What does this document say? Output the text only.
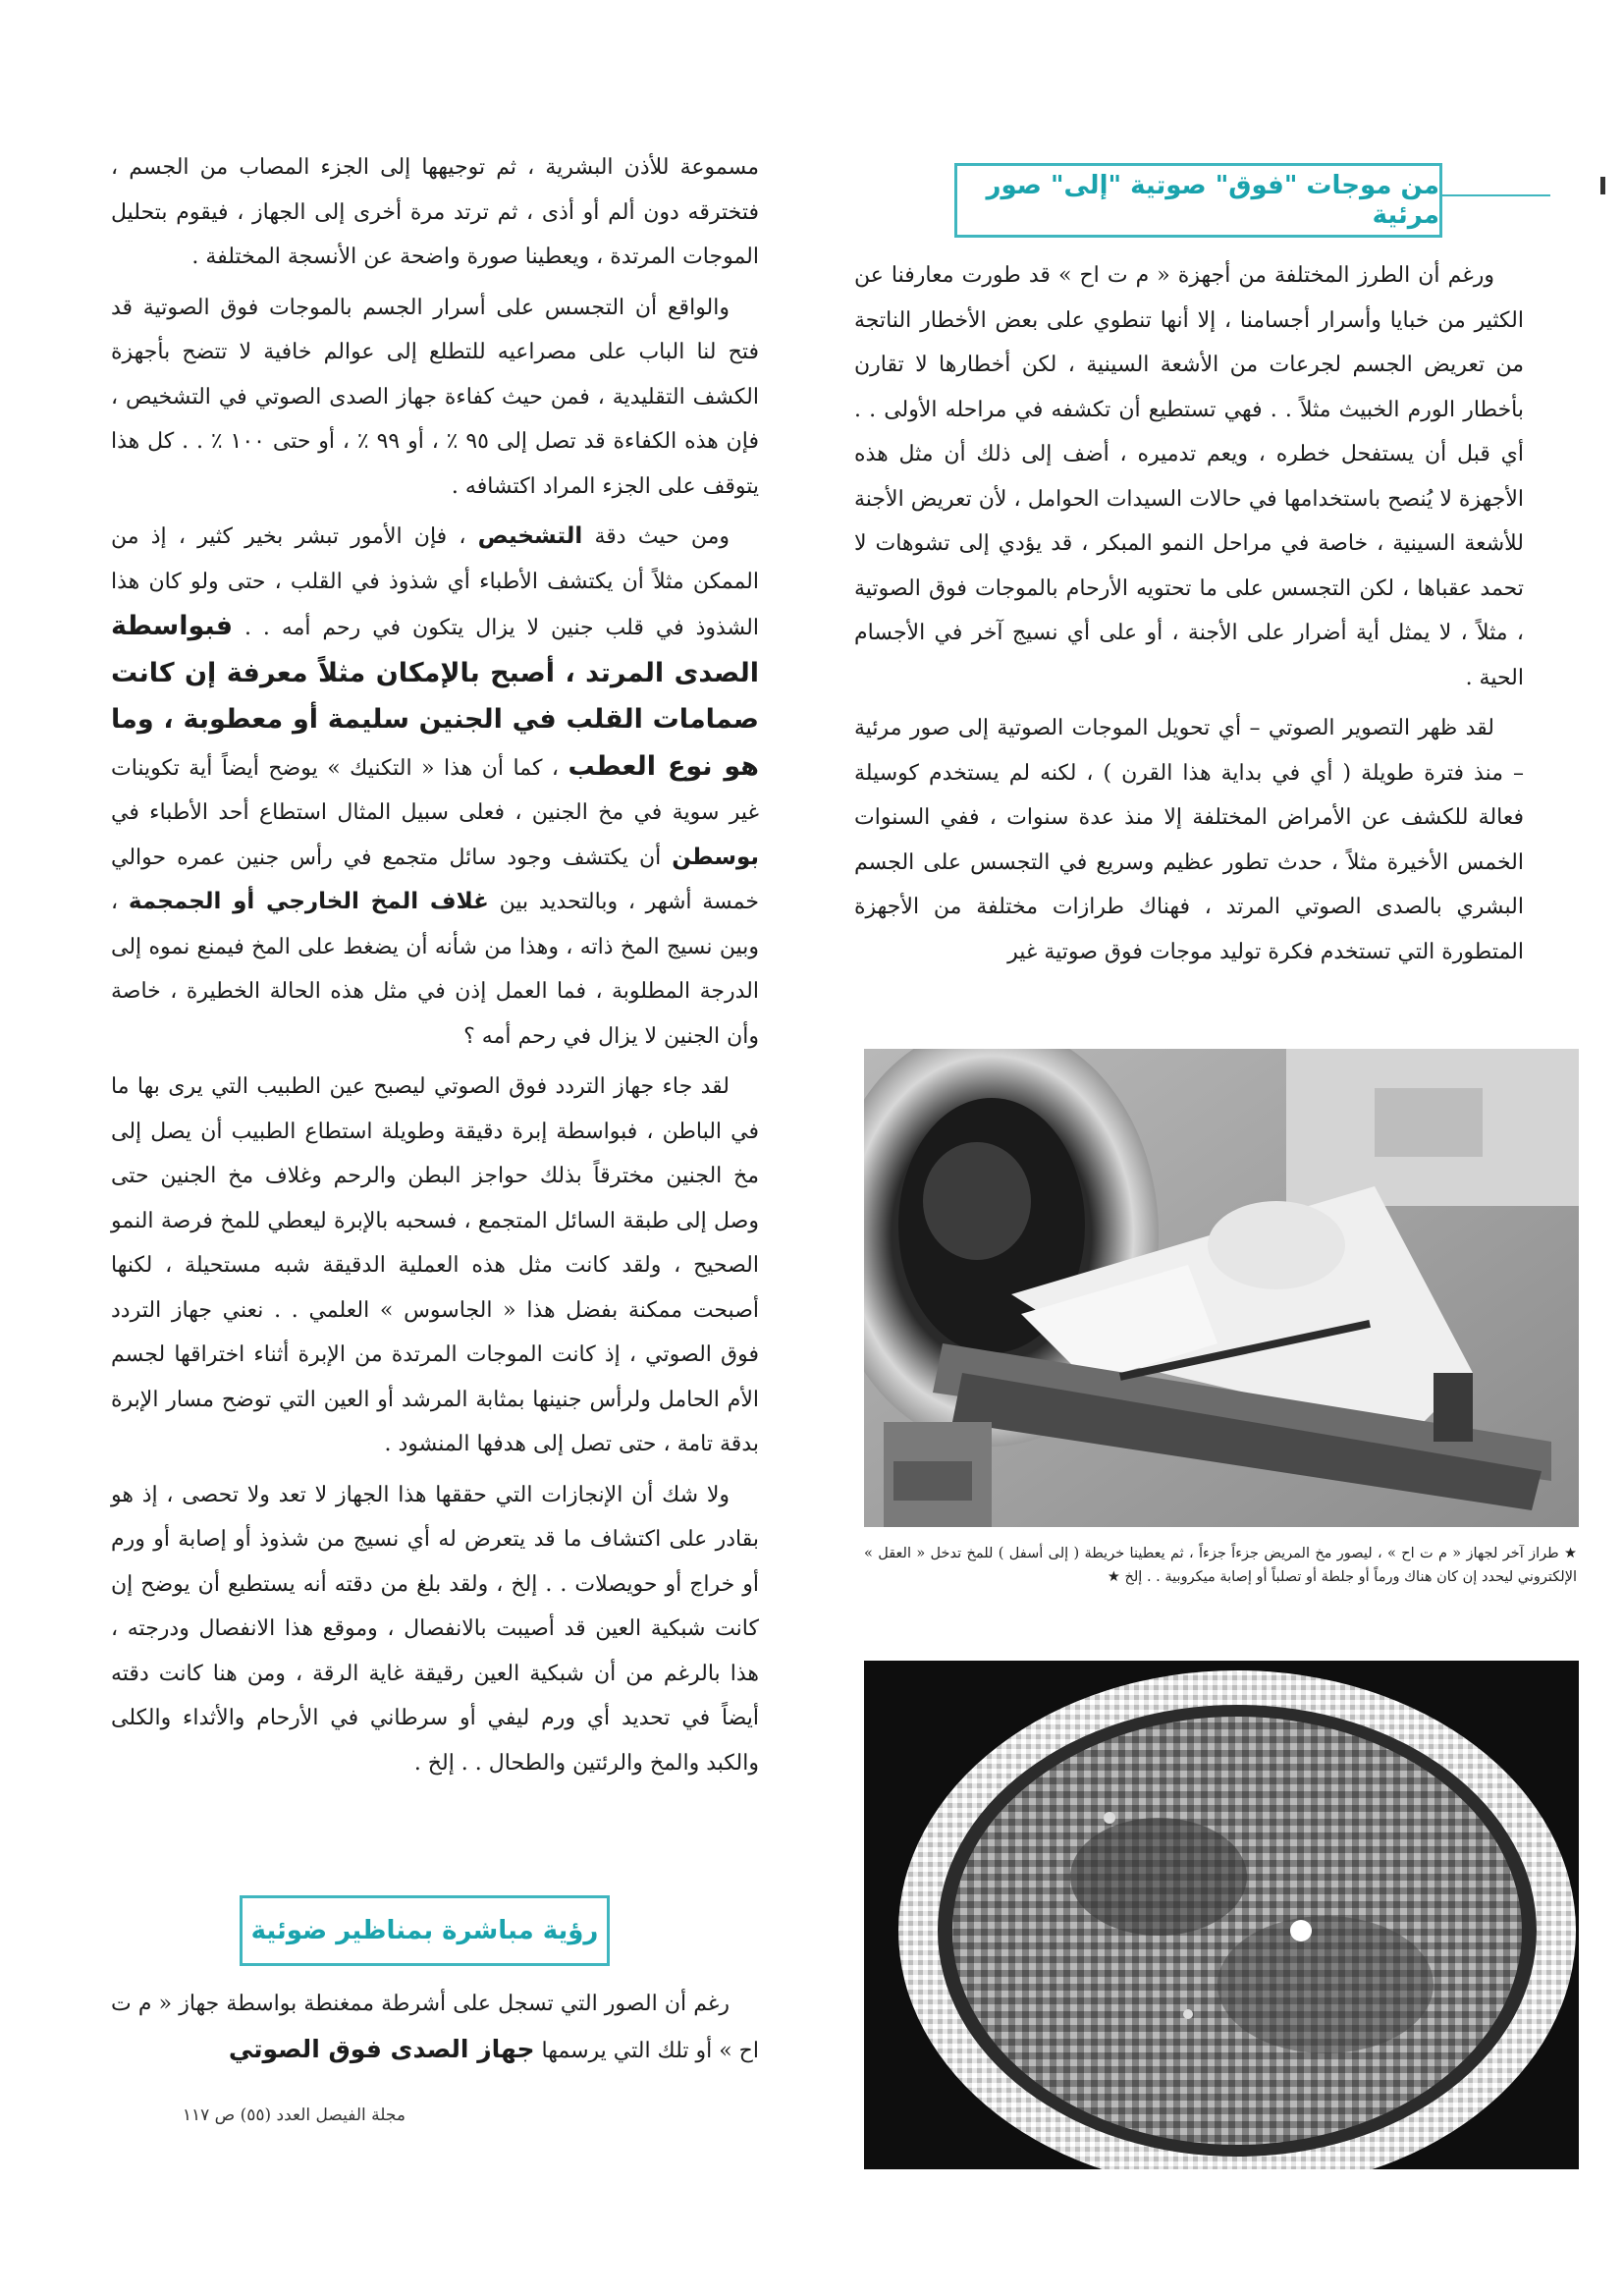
من موجات "فوق" صوتية "إلى" صور مرئية

ورغم أن الطرز المختلفة من أجهزة « م ت اح » قد طورت معارفنا عن الكثير من خبايا وأسرار أجسامنا ، إلا أنها تنطوي على بعض الأخطار الناتجة من تعريض الجسم لجرعات من الأشعة السينية ، لكن أخطارها لا تقارن بأخطار الورم الخبيث مثلاً . . فهي تستطيع أن تكشفه في مراحله الأولى . . أي قبل أن يستفحل خطره ، ويعم تدميره ، أضف إلى ذلك أن مثل هذه الأجهزة لا يُنصح باستخدامها في حالات السيدات الحوامل ، لأن تعريض الأجنة للأشعة السينية ، خاصة في مراحل النمو المبكر ، قد يؤدي إلى تشوهات لا تحمد عقباها ، لكن التجسس على ما تحتويه الأرحام بالموجات فوق الصوتية ، مثلاً ، لا يمثل أية أضرار على الأجنة ، أو على أي نسيج آخر في الأجسام الحية .

لقد ظهر التصوير الصوتي – أي تحويل الموجات الصوتية إلى صور مرئية – منذ فترة طويلة ( أي في بداية هذا القرن ) ، لكنه لم يستخدم كوسيلة فعالة للكشف عن الأمراض المختلفة إلا منذ عدة سنوات ، ففي السنوات الخمس الأخيرة مثلاً ، حدث تطور عظيم وسريع في التجسس على الجسم البشري بالصدى الصوتي المرتد ، فهناك طرازات مختلفة من الأجهزة المتطورة التي تستخدم فكرة توليد موجات فوق صوتية غير

★ طراز آخر لجهاز « م ت اح » ، ليصور مخ المريض جزءاً جزءاً ، ثم يعطينا خريطة ( إلى أسفل ) للمخ تدخل « العقل » الإلكتروني ليحدد إن كان هناك ورماً أو جلطة أو تصلباً أو إصابة ميكروبية . . إلخ ★

مسموعة للأذن البشرية ، ثم توجيهها إلى الجزء المصاب من الجسم ، فتخترقه دون ألم أو أذى ، ثم ترتد مرة أخرى إلى الجهاز ، فيقوم بتحليل الموجات المرتدة ، ويعطينا صورة واضحة عن الأنسجة المختلفة .

والواقع أن التجسس على أسرار الجسم بالموجات فوق الصوتية قد فتح لنا الباب على مصراعيه للتطلع إلى عوالم خافية لا تتضح بأجهزة الكشف التقليدية ، فمن حيث كفاءة جهاز الصدى الصوتي في التشخيص ، فإن هذه الكفاءة قد تصل إلى ٩٥ ٪ ، أو ٩٩ ٪ ، أو حتى ١٠٠ ٪ . . كل هذا يتوقف على الجزء المراد اكتشافه .

ومن حيث دقة التشخيص ، فإن الأمور تبشر بخير كثير ، إذ من الممكن مثلاً أن يكتشف الأطباء أي شذوذ في القلب ، حتى ولو كان هذا الشذوذ في قلب جنين لا يزال يتكون في رحم أمه . . فبواسطة الصدى المرتد ، أصبح بالإمكان مثلاً معرفة إن كانت صمامات القلب في الجنين سليمة أو معطوبة ، وما هو نوع العطب ، كما أن هذا « التكنيك » يوضح أيضاً أية تكوينات غير سوية في مخ الجنين ، فعلى سبيل المثال استطاع أحد الأطباء في بوسطن أن يكتشف وجود سائل متجمع في رأس جنين عمره حوالي خمسة أشهر ، وبالتحديد بين غلاف المخ الخارجي أو الجمجمة ، وبين نسيج المخ ذاته ، وهذا من شأنه أن يضغط على المخ فيمنع نموه إلى الدرجة المطلوبة ، فما العمل إذن في مثل هذه الحالة الخطيرة ، خاصة وأن الجنين لا يزال في رحم أمه ؟

لقد جاء جهاز التردد فوق الصوتي ليصبح عين الطبيب التي يرى بها ما في الباطن ، فبواسطة إبرة دقيقة وطويلة استطاع الطبيب أن يصل إلى مخ الجنين مخترقاً بذلك حواجز البطن والرحم وغلاف مخ الجنين حتى وصل إلى طبقة السائل المتجمع ، فسحبه بالإبرة ليعطي للمخ فرصة النمو الصحيح ، ولقد كانت مثل هذه العملية الدقيقة شبه مستحيلة ، لكنها أصبحت ممكنة بفضل هذا « الجاسوس » العلمي . . نعني جهاز التردد فوق الصوتي ، إذ كانت الموجات المرتدة من الإبرة أثناء اختراقها لجسم الأم الحامل ولرأس جنينها بمثابة المرشد أو العين التي توضح مسار الإبرة بدقة تامة ، حتى تصل إلى هدفها المنشود .

ولا شك أن الإنجازات التي حققها هذا الجهاز لا تعد ولا تحصى ، إذ هو بقادر على اكتشاف ما قد يتعرض له أي نسيج من شذوذ أو إصابة أو ورم أو خراج أو حويصلات . . إلخ ، ولقد بلغ من دقته أنه يستطيع أن يوضح إن كانت شبكية العين قد أصيبت بالانفصال ، وموقع هذا الانفصال ودرجته ، هذا بالرغم من أن شبكية العين رقيقة غاية الرقة ، ومن هنا كانت دقته أيضاً في تحديد أي ورم ليفي أو سرطاني في الأرحام والأثداء والكلى والكبد والمخ والرئتين والطحال . . إلخ .

رؤية مباشرة بمناظير ضوئية

رغم أن الصور التي تسجل على أشرطة ممغنطة بواسطة جهاز « م ت اح » أو تلك التي يرسمها جهاز الصدى فوق الصوتي

مجلة الفيصل العدد (٥٥) ص ١١٧
